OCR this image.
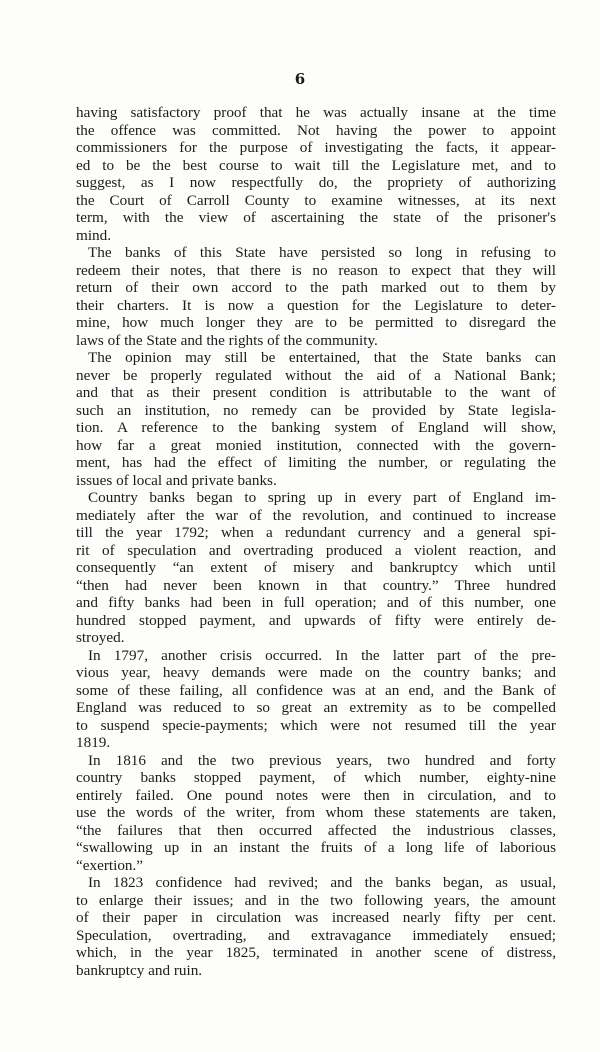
6
having satisfactory proof that he was actually insane at the time
the offence was committed. Not having the power to appoint
commissioners for the purpose of investigating the facts, it appear-
ed to be the best course to wait till the Legislature met, and to
suggest, as I now respectfully do, the propriety of authorizing
the Court of Carroll County to examine witnesses, at its next
term, with the view of ascertaining the state of the prisoner's
mind.
The banks of this State have persisted so long in refusing to
redeem their notes, that there is no reason to expect that they will
return of their own accord to the path marked out to them by
their charters. It is now a question for the Legislature to deter-
mine, how much longer they are to be permitted to disregard the
laws of the State and the rights of the community.
The opinion may still be entertained, that the State banks can
never be properly regulated without the aid of a National Bank;
and that as their present condition is attributable to the want of
such an institution, no remedy can be provided by State legisla-
tion. A reference to the banking system of England will show,
how far a great monied institution, connected with the govern-
ment, has had the effect of limiting the number, or regulating the
issues of local and private banks.
Country banks began to spring up in every part of England im-
mediately after the war of the revolution, and continued to increase
till the year 1792; when a redundant currency and a general spi-
rit of speculation and overtrading produced a violent reaction, and
consequently “an extent of misery and bankruptcy which until
“then had never been known in that country.” Three hundred
and fifty banks had been in full operation; and of this number, one
hundred stopped payment, and upwards of fifty were entirely de-
stroyed.
In 1797, another crisis occurred. In the latter part of the pre-
vious year, heavy demands were made on the country banks; and
some of these failing, all confidence was at an end, and the Bank of
England was reduced to so great an extremity as to be compelled
to suspend specie-payments; which were not resumed till the year
1819.
In 1816 and the two previous years, two hundred and forty
country banks stopped payment, of which number, eighty-nine
entirely failed. One pound notes were then in circulation, and to
use the words of the writer, from whom these statements are taken,
“the failures that then occurred affected the industrious classes,
“swallowing up in an instant the fruits of a long life of laborious
“exertion.”
In 1823 confidence had revived; and the banks began, as usual,
to enlarge their issues; and in the two following years, the amount
of their paper in circulation was increased nearly fifty per cent.
Speculation, overtrading, and extravagance immediately ensued;
which, in the year 1825, terminated in another scene of distress,
bankruptcy and ruin.
